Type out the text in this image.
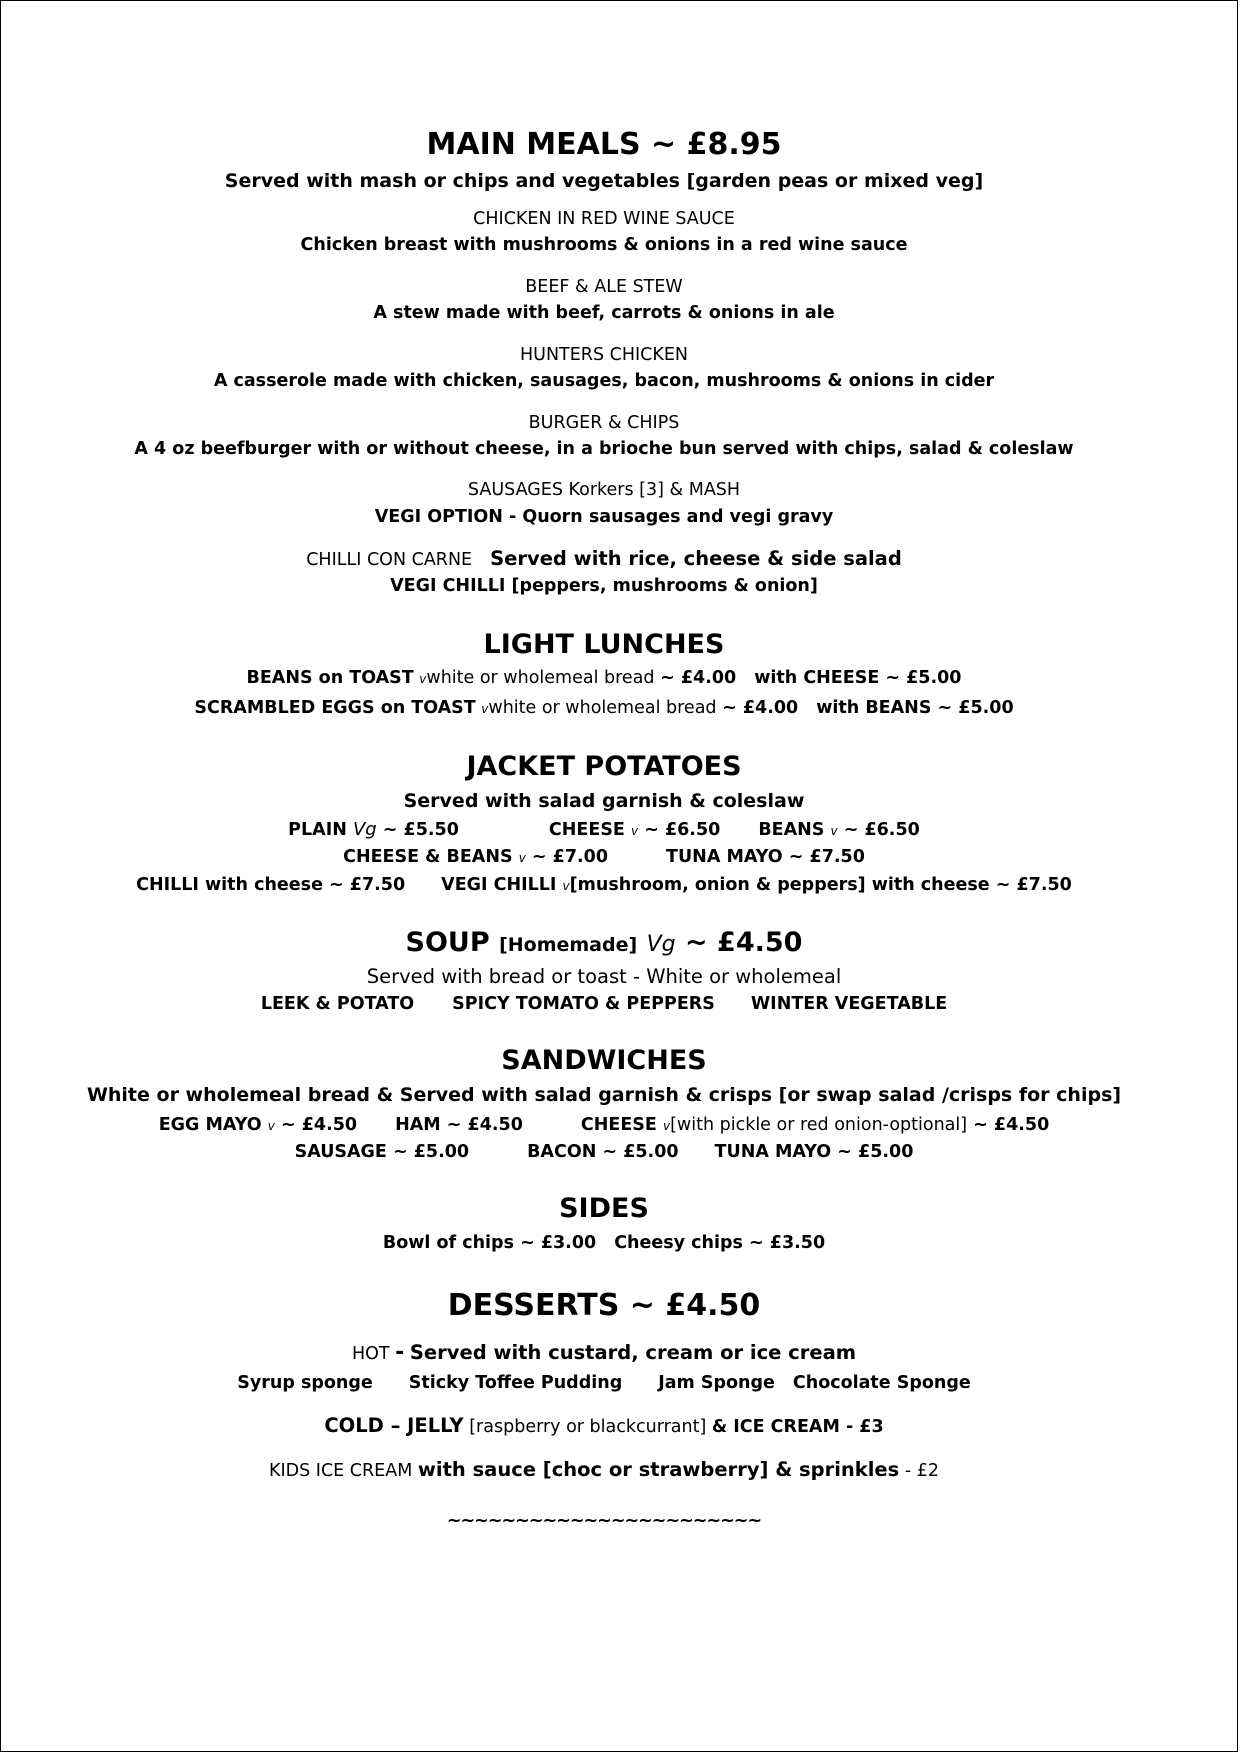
MAIN MEALS ~ £8.95
Served with mash or chips and vegetables [garden peas or mixed veg]
CHICKEN IN RED WINE SAUCE
Chicken breast with mushrooms & onions in a red wine sauce
BEEF & ALE STEW
A stew made with beef, carrots & onions in ale
HUNTERS CHICKEN
A casserole made with chicken, sausages, bacon, mushrooms & onions in cider
BURGER & CHIPS
A 4 oz beefburger with or without cheese, in a brioche bun served with chips, salad & coleslaw
SAUSAGES Korkers [3] & MASH
VEGI OPTION - Quorn sausages and vegi gravy
CHILLI CON CARNE Served with rice, cheese & side salad
VEGI CHILLI [peppers, mushrooms & onion]
LIGHT LUNCHES
BEANS on TOAST vwhite or wholemeal bread ~ £4.00 with CHEESE ~ £5.00
SCRAMBLED EGGS on TOAST vwhite or wholemeal bread ~ £4.00 with BEANS ~ £5.00
JACKET POTATOES
Served with salad garnish & coleslaw
PLAIN Vg ~ £5.50	CHEESE v ~ £6.50 BEANS v ~ £6.50
CHEESE & BEANS v ~ £7.00	TUNA MAYO ~ £7.50
CHILLI with cheese ~ £7.50 VEGI CHILLI v[mushroom, onion & peppers] with cheese ~ £7.50
SOUP [Homemade] Vg ~ £4.50
Served with bread or toast - White or wholemeal
LEEK & POTATO SPICY TOMATO & PEPPERS WINTER VEGETABLE
SANDWICHES
White or wholemeal bread & Served with salad garnish & crisps [or swap salad /crisps for chips]
EGG MAYO v ~ £4.50 HAM ~ £4.50	CHEESE v[with pickle or red onion-optional] ~ £4.50
SAUSAGE ~ £5.00	BACON ~ £5.00 TUNA MAYO ~ £5.00
SIDES
Bowl of chips ~ £3.00 Cheesy chips ~ £3.50
DESSERTS ~ £4.50
HOT - Served with custard, cream or ice cream
Syrup sponge Sticky Toffee Pudding Jam Sponge Chocolate Sponge
COLD – JELLY [raspberry or blackcurrant] & ICE CREAM - £3
KIDS ICE CREAM with sauce [choc or strawberry] & sprinkles - £2
~~~~~~~~~~~~~~~~~~~~~~~
